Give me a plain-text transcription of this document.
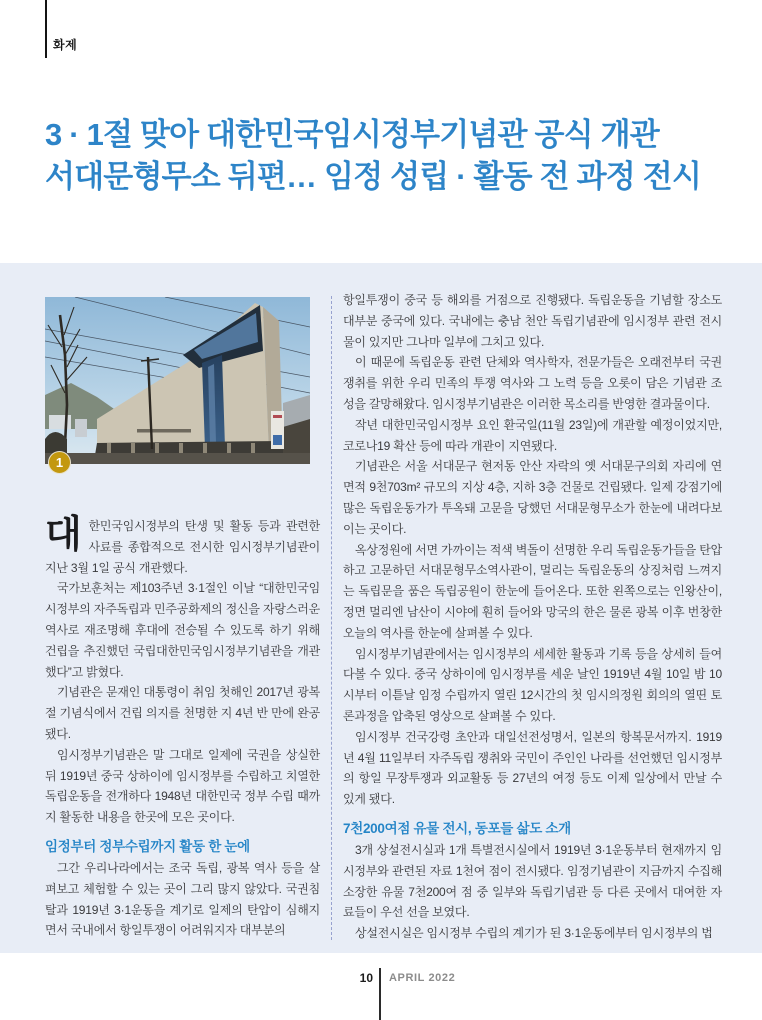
화제
3 · 1절 맞아 대한민국임시정부기념관 공식 개관
서대문형무소 뒤편… 임정 성립 · 활동 전 과정 전시
1

대한민국임시정부의 탄생 및 활동 등과 관련한 사료를 종합적으로 전시한 임시정부기념관이 지난 3월 1일 공식 개관했다.

국가보훈처는 제103주년 3·1절인 이날 “대한민국임시정부의 자주독립과 민주공화제의 정신을 자랑스러운 역사로 재조명해 후대에 전승될 수 있도록 하기 위해 건립을 추진했던 국립대한민국임시정부기념관을 개관했다”고 밝혔다.

기념관은 문재인 대통령이 취임 첫해인 2017년 광복절 기념식에서 건립 의지를 천명한 지 4년 반 만에 완공됐다.

임시정부기념관은 말 그대로 일제에 국권을 상실한 뒤 1919년 중국 상하이에 임시정부를 수립하고 치열한 독립운동을 전개하다 1948년 대한민국 정부 수립 때까지 활동한 내용을 한곳에 모은 곳이다.

임정부터 정부수립까지 활동 한 눈에

그간 우리나라에서는 조국 독립, 광복 역사 등을 살펴보고 체험할 수 있는 곳이 그리 많지 않았다. 국권침탈과 1919년 3·1운동을 계기로 일제의 탄압이 심해지면서 국내에서 항일투쟁이 어려워지자 대부분의

항일투쟁이 중국 등 해외를 거점으로 진행됐다. 독립운동을 기념할 장소도 대부분 중국에 있다. 국내에는 충남 천안 독립기념관에 임시정부 관련 전시물이 있지만 그나마 일부에 그치고 있다.

이 때문에 독립운동 관련 단체와 역사학자, 전문가들은 오래전부터 국권쟁취를 위한 우리 민족의 투쟁 역사와 그 노력 등을 오롯이 담은 기념관 조성을 갈망해왔다. 임시정부기념관은 이러한 목소리를 반영한 결과물이다.

작년 대한민국임시정부 요인 환국일(11월 23일)에 개관할 예정이었지만, 코로나19 확산 등에 따라 개관이 지연됐다.

기념관은 서울 서대문구 현저동 안산 자락의 옛 서대문구의회 자리에 연면적 9천703m² 규모의 지상 4층, 지하 3층 건물로 건립됐다. 일제 강점기에 많은 독립운동가가 투옥돼 고문을 당했던 서대문형무소가 한눈에 내려다보이는 곳이다.

옥상정원에 서면 가까이는 적색 벽돌이 선명한 우리 독립운동가들을 탄압하고 고문하던 서대문형무소역사관이, 멀리는 독립운동의 상징처럼 느껴지는 독립문을 품은 독립공원이 한눈에 들어온다. 또한 왼쪽으로는 인왕산이, 정면 멀리엔 남산이 시야에 훤히 들어와 망국의 한은 물론 광복 이후 번창한 오늘의 역사를 한눈에 살펴볼 수 있다.

임시정부기념관에서는 임시정부의 세세한 활동과 기록 등을 상세히 들여다볼 수 있다. 중국 상하이에 임시정부를 세운 날인 1919년 4월 10일 밤 10시부터 이튿날 임정 수립까지 열린 12시간의 첫 임시의정원 회의의 열띤 토론과정을 압축된 영상으로 살펴볼 수 있다.

임시정부 건국강령 초안과 대일선전성명서, 일본의 항복문서까지. 1919년 4월 11일부터 자주독립 쟁취와 국민이 주인인 나라를 선언했던 임시정부의 항일 무장투쟁과 외교활동 등 27년의 여정 등도 이제 일상에서 만날 수 있게 됐다.

7천200여점 유물 전시, 동포들 삶도 소개

3개 상설전시실과 1개 특별전시실에서 1919년 3·1운동부터 현재까지 임시정부와 관련된 자료 1천여 점이 전시됐다. 임정기념관이 지금까지 수집해 소장한 유물 7천200여 점 중 일부와 독립기념관 등 다른 곳에서 대여한 자료들이 우선 선을 보였다.

상설전시실은 임시정부 수립의 계기가 된 3·1운동에부터 임시정부의 법

10 APRIL 2022
